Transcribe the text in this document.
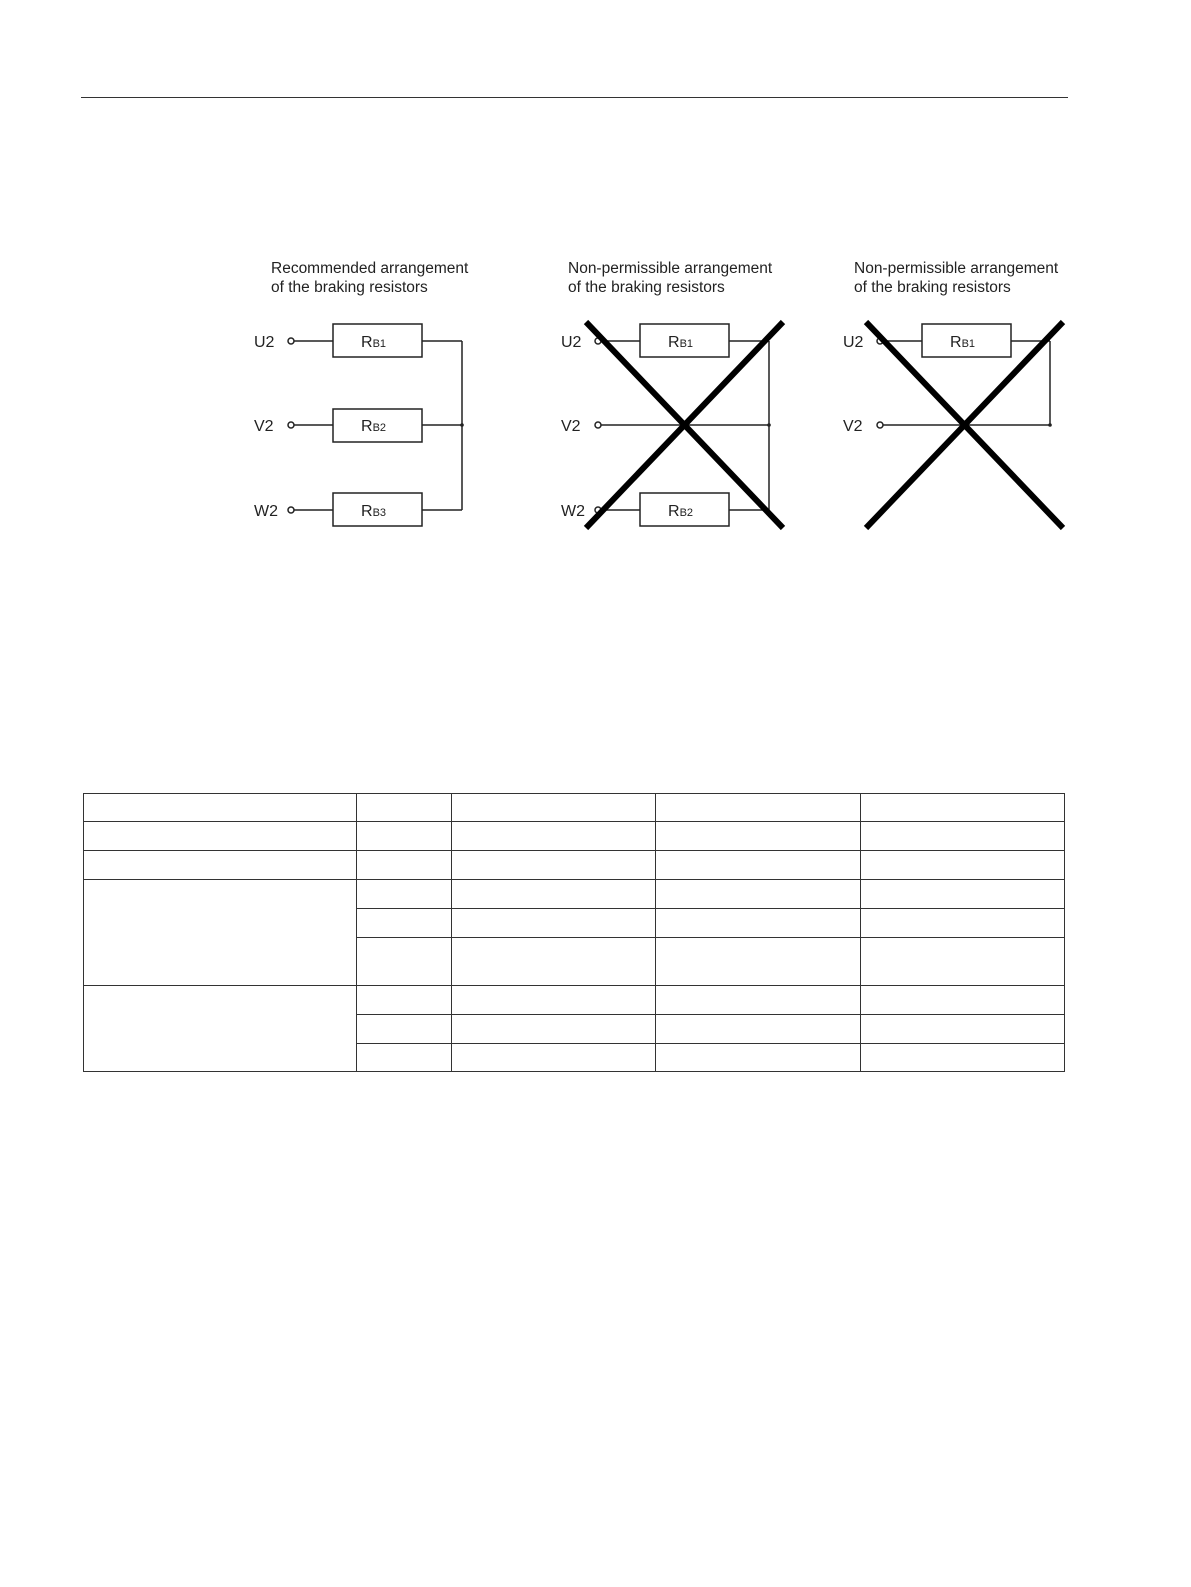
Recommended arrangement
of the braking resistors
Non-permissible arrangement
of the braking resistors
Non-permissible arrangement
of the braking resistors
U2
V2
W2
RB1
RB2
RB3
U2
V2
W2
RB1
RB2
U2
V2
RB1
